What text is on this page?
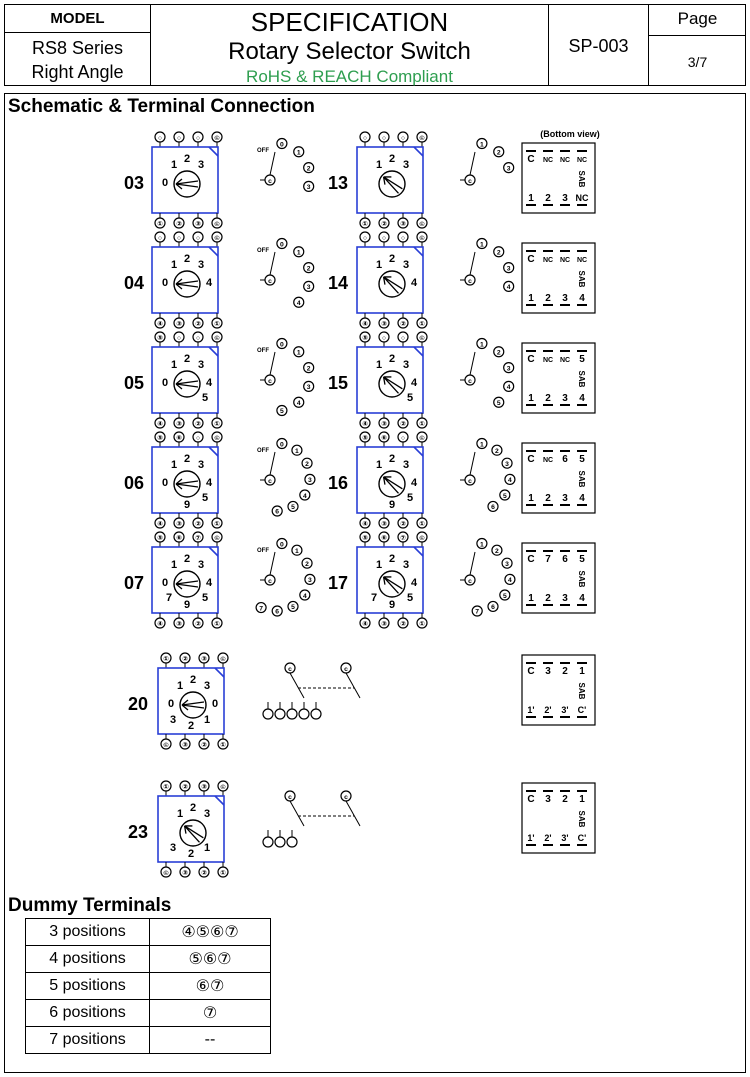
MODEL
RS8 Series
Right Angle
SPECIFICATION
Rotary Selector Switch
RoHS & REACH Compliant
SP-003
Page
3/7
Schematic & Terminal Connection
(Bottom view)
03
○ ○ ○ ©
1 2 3
0
① ② ③ ©
c
OFF
0
1
2
3 13
○ ○ ○ ©
1 2 3
① ② ③ ©
c
1
2
3
04
○ ○ ○ ©
1 2 3
4
0
④ ③ ② ①
c
OFF
0
1
2
3
4
14
○ ○ ○ ©
1 2 3
4
④ ③ ② ①
c
1
2
3
4
05
⑤ ○ ○ ©
1 2 3
4
5
0
④ ③ ② ①
c
OFF
0
1
2
3
4
5
15
⑤ ○ ○ ©
1 2 3
4
5
④ ③ ② ①
c
1
2
3
4
5
06
⑤ ⑥ ○ ©
1 2 3
4
5
9
0
④ ③ ② ①
c
OFF
0
1
2
3
4
5
6
16
⑤ ⑥ ○ ©
1 2 3
4
5
9
④ ③ ② ①
c
1
2
3
4
5
6
07
⑤ ⑥ ⑦ ©
1 2 3
4
5
9
7
0
④ ③ ② ①
c
OFF
0
1
2
3
4
5
6
7
17
⑤ ⑥ ⑦ ©
1 2 3
4
5
9
7
④ ③ ② ①
c
1
2
3
4
5
6
7
C NC NC NC
1 2 3 NC
SAB
C NC NC NC
1 2 3 4
SAB
C NC NC 5
1 2 3 4
SAB
C NC 6 5
1 2 3 4
SAB
C 7 6 5
1 2 3 4
SAB
C 3 2 1
1' 2' 3' C'
SAB
C 3 2 1
1' 2' 3' C'
SAB
20
① ② ③ ©
1 2 3
0
3 2 1
0
© ③ ② ①
23
① ② ③ ©
1 2 3
3 2 1
© ③ ② ①
c	c
c	c
Dummy Terminals
3 positions	④⑤⑥⑦
4 positions	⑤⑥⑦
5 positions	⑥⑦
6 positions	⑦
7 positions	--
